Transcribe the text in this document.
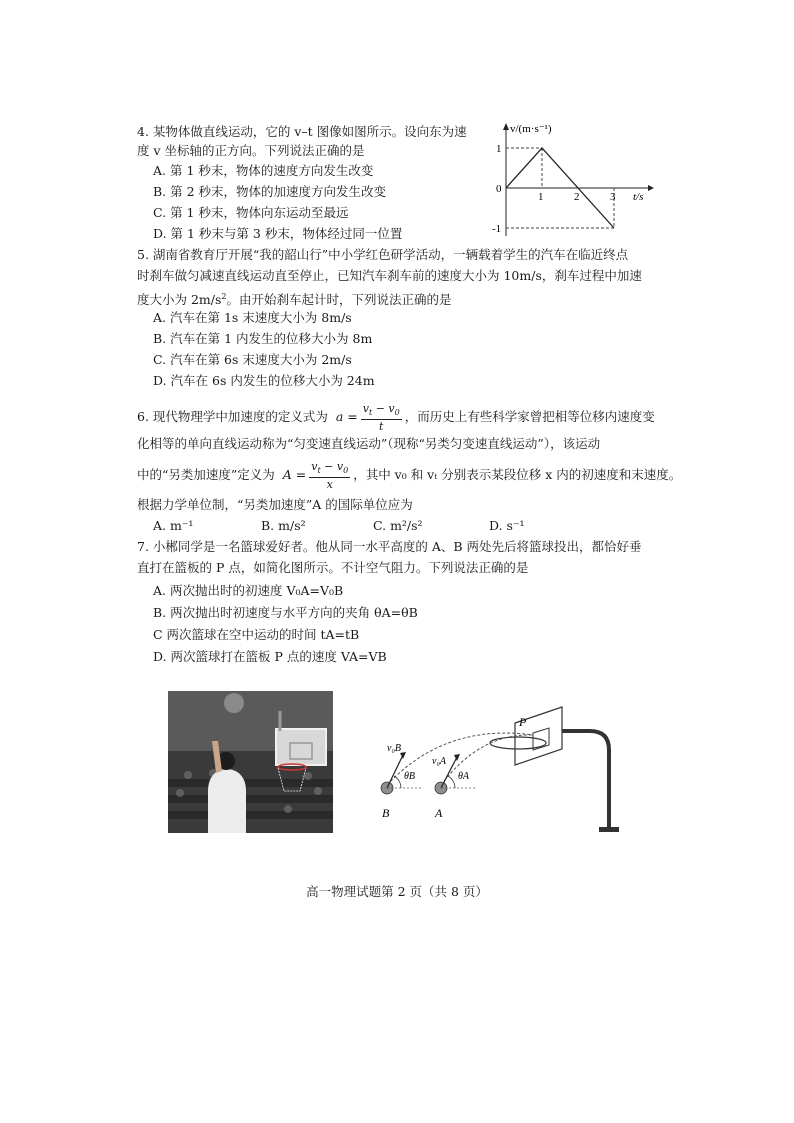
4. 某物体做直线运动，它的 v–t 图像如图所示。设向东为速
度 v 坐标轴的正方向。下列说法正确的是
A. 第 1 秒末，物体的速度方向发生改变
B. 第 2 秒末，物体的加速度方向发生改变
C. 第 1 秒末，物体向东运动至最远
D. 第 1 秒末与第 3 秒末，物体经过同一位置
v/(m·s⁻¹)
t/s
0
1
-1
1	2	3
5. 湖南省教育厅开展“我的韶山行”中小学红色研学活动，一辆载着学生的汽车在临近终点
时刹车做匀减速直线运动直至停止，已知汽车刹车前的速度大小为 10m/s，刹车过程中加速
度大小为 $2m/s^2$。由开始刹车起计时，下列说法正确的是
A. 汽车在第 1s 末速度大小为 8m/s
B. 汽车在第 1 内发生的位移大小为 8m
C. 汽车在第 6s 末速度大小为 2m/s
D. 汽车在 6s 内发生的位移大小为 24m
6. 现代物理学中加速度的定义式为  $a = \frac{v_t - v_0}{t}$ ，而历史上有些科学家曾把相等位移内速度变
化相等的单向直线运动称为“匀变速直线运动”（现称“另类匀变速直线运动”），该运动
中的“另类加速度”定义为  $A = \frac{v_t - v_0}{x}$ ，其中 v₀ 和 vₜ 分别表示某段位移 x 内的初速度和末速度。
根据力学单位制，“另类加速度”A 的国际单位应为
A. m⁻¹	B. m/s²	C. m²/s²	D. s⁻¹
7. 小郴同学是一名篮球爱好者。他从同一水平高度的 A、B 两处先后将篮球投出，都恰好垂
直打在篮板的 P 点，如简化图所示。不计空气阻力。下列说法正确的是
A. 两次抛出时的初速度 V₀A=V₀B
B. 两次抛出时初速度与水平方向的夹角 θA=θB
C 两次篮球在空中运动的时间 tA=tB
D. 两次篮球打在篮板 P 点的速度 VA=VB
P
B	A
v₀B
v₀A
θB	θA
高一物理试题第 2 页（共 8 页）
